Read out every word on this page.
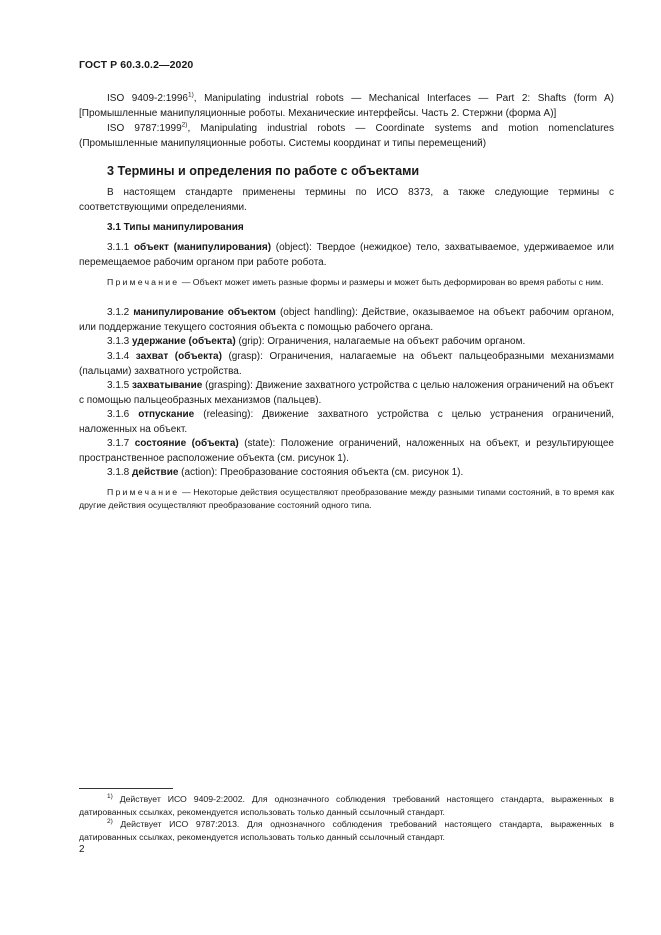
ГОСТ Р 60.3.0.2—2020

ISO 9409-2:1996$^{1)}$, Manipulating industrial robots — Mechanical Interfaces — Part 2: Shafts (form A) [Промышленные манипуляционные роботы. Механические интерфейсы. Часть 2. Стержни (форма А)]

ISO 9787:1999$^{2)}$, Manipulating industrial robots — Coordinate systems and motion nomenclatures (Промышленные манипуляционные роботы. Системы координат и типы перемещений)

3 Термины и определения по работе с объектами

В настоящем стандарте применены термины по ИСО 8373, а также следующие термины с соответствующими определениями.

3.1 Типы манипулирования

3.1.1 объект (манипулирования) (object): Твердое (нежидкое) тело, захватываемое, удерживаемое или перемещаемое рабочим органом при работе робота.

Примечание — Объект может иметь разные формы и размеры и может быть деформирован во время работы с ним.

3.1.2 манипулирование объектом (object handling): Действие, оказываемое на объект рабочим органом, или поддержание текущего состояния объекта с помощью рабочего органа.

3.1.3 удержание (объекта) (grip): Ограничения, налагаемые на объект рабочим органом.

3.1.4 захват (объекта) (grasp): Ограничения, налагаемые на объект пальцеобразными механизмами (пальцами) захватного устройства.

3.1.5 захватывание (grasping): Движение захватного устройства с целью наложения ограничений на объект с помощью пальцеобразных механизмов (пальцев).

3.1.6 отпускание (releasing): Движение захватного устройства с целью устранения ограничений, наложенных на объект.

3.1.7 состояние (объекта) (state): Положение ограничений, наложенных на объект, и результирующее пространственное расположение объекта (см. рисунок 1).

3.1.8 действие (action): Преобразование состояния объекта (см. рисунок 1).

Примечание — Некоторые действия осуществляют преобразование между разными типами состояний, в то время как другие действия осуществляют преобразование состояний одного типа.

$^{1)}$ Действует ИСО 9409-2:2002. Для однозначного соблюдения требований настоящего стандарта, выраженных в датированных ссылках, рекомендуется использовать только данный ссылочный стандарт.

$^{2)}$ Действует ИСО 9787:2013. Для однозначного соблюдения требований настоящего стандарта, выраженных в датированных ссылках, рекомендуется использовать только данный ссылочный стандарт.

2
